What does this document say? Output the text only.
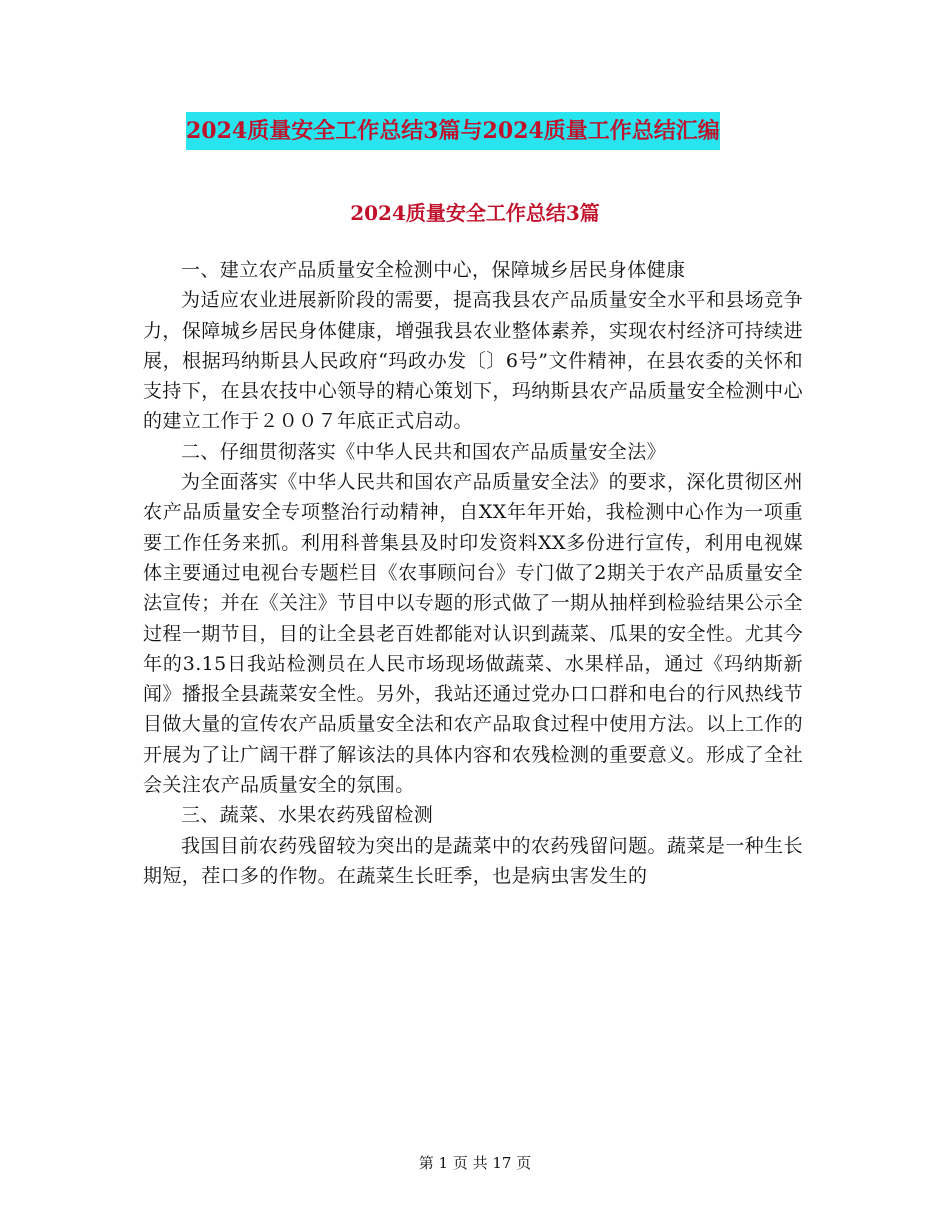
2024质量安全工作总结3篇与2024质量工作总结汇编
2024质量安全工作总结3篇

一、建立农产品质量安全检测中心，保障城乡居民身体健康

为适应农业进展新阶段的需要，提高我县农产品质量安全水平和县场竞争力，保障城乡居民身体健康，增强我县农业整体素养，实现农村经济可持续进展，根据玛纳斯县人民政府“玛政办发〔〕6号”文件精神，在县农委的关怀和支持下，在县农技中心领导的精心策划下，玛纳斯县农产品质量安全检测中心的建立工作于２００７年底正式启动。

二、仔细贯彻落实《中华人民共和国农产品质量安全法》

为全面落实《中华人民共和国农产品质量安全法》的要求，深化贯彻区州农产品质量安全专项整治行动精神，自XX年年开始，我检测中心作为一项重要工作任务来抓。利用科普集县及时印发资料XX多份进行宣传，利用电视媒体主要通过电视台专题栏目《农事顾问台》专门做了2期关于农产品质量安全法宣传；并在《关注》节目中以专题的形式做了一期从抽样到检验结果公示全过程一期节目，目的让全县老百姓都能对认识到蔬菜、瓜果的安全性。尤其今年的3.15日我站检测员在人民市场现场做蔬菜、水果样品，通过《玛纳斯新闻》播报全县蔬菜安全性。另外，我站还通过党办口口群和电台的行风热线节目做大量的宣传农产品质量安全法和农产品取食过程中使用方法。以上工作的开展为了让广阔干群了解该法的具体内容和农残检测的重要意义。形成了全社会关注农产品质量安全的氛围。

三、蔬菜、水果农药残留检测

我国目前农药残留较为突出的是蔬菜中的农药残留问题。蔬菜是一种生长期短，茬口多的作物。在蔬菜生长旺季，也是病虫害发生的

第 1 页 共 17 页
